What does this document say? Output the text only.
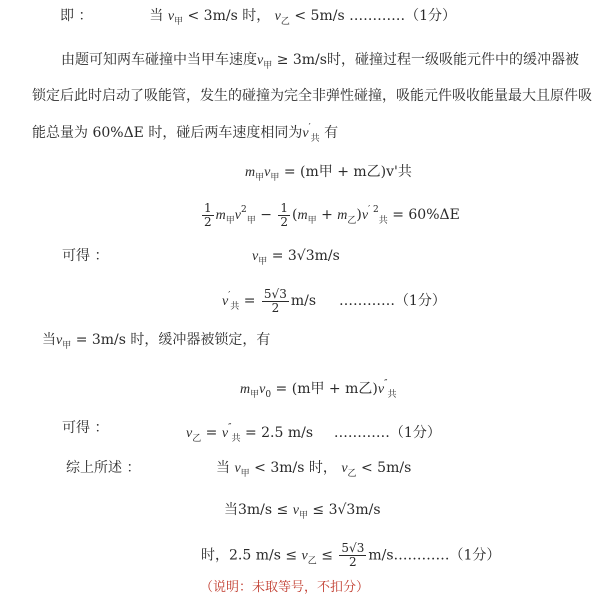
即 ：	当 $v_甲 < 3m/s$ 时， $v_乙 < 5m/s$ …………（1分）
由题可知两车碰撞中当甲车速度$v_甲 \ge 3m/s$时，碰撞过程一级吸能元件中的缓冲器被
锁定后此时启动了吸能管，发生的碰撞为完全非弹性碰撞，吸能元件吸收能量最大且原件吸
能总量为 60%ΔE 时，碰后两车速度相同为$v'_共$ 有
$m_甲v_甲 = (m$甲 + m乙)v'共
$\frac{1}{2} m_甲v^2_甲 - \frac{1}{2} (m_甲 + m_乙)v^{' 2}_共 = 60\%\Delta E$
可得 ：	$v_甲 = 3√3m/s$
$v'_共 = \frac{5√3}{2} m/s$ …………（1分）
当$v_甲 = 3m/s$ 时，缓冲器被锁定，有
$m_甲v_0 = (m$甲 + m乙)$v''_共$
可得 ：	$v_乙 = v''_共 = 2.5$ m/s …………（1分）
综上所述 ：	当 $v_甲 < 3m/s$ 时， $v_乙 < 5m/s$
当$3m/s \le v_甲 \le 3√3m/s$
时，2.5 $m/s \le v_乙 \le \frac{5√3}{2}$ m/s…………（1分）
（说明：未取等号，不扣分）
